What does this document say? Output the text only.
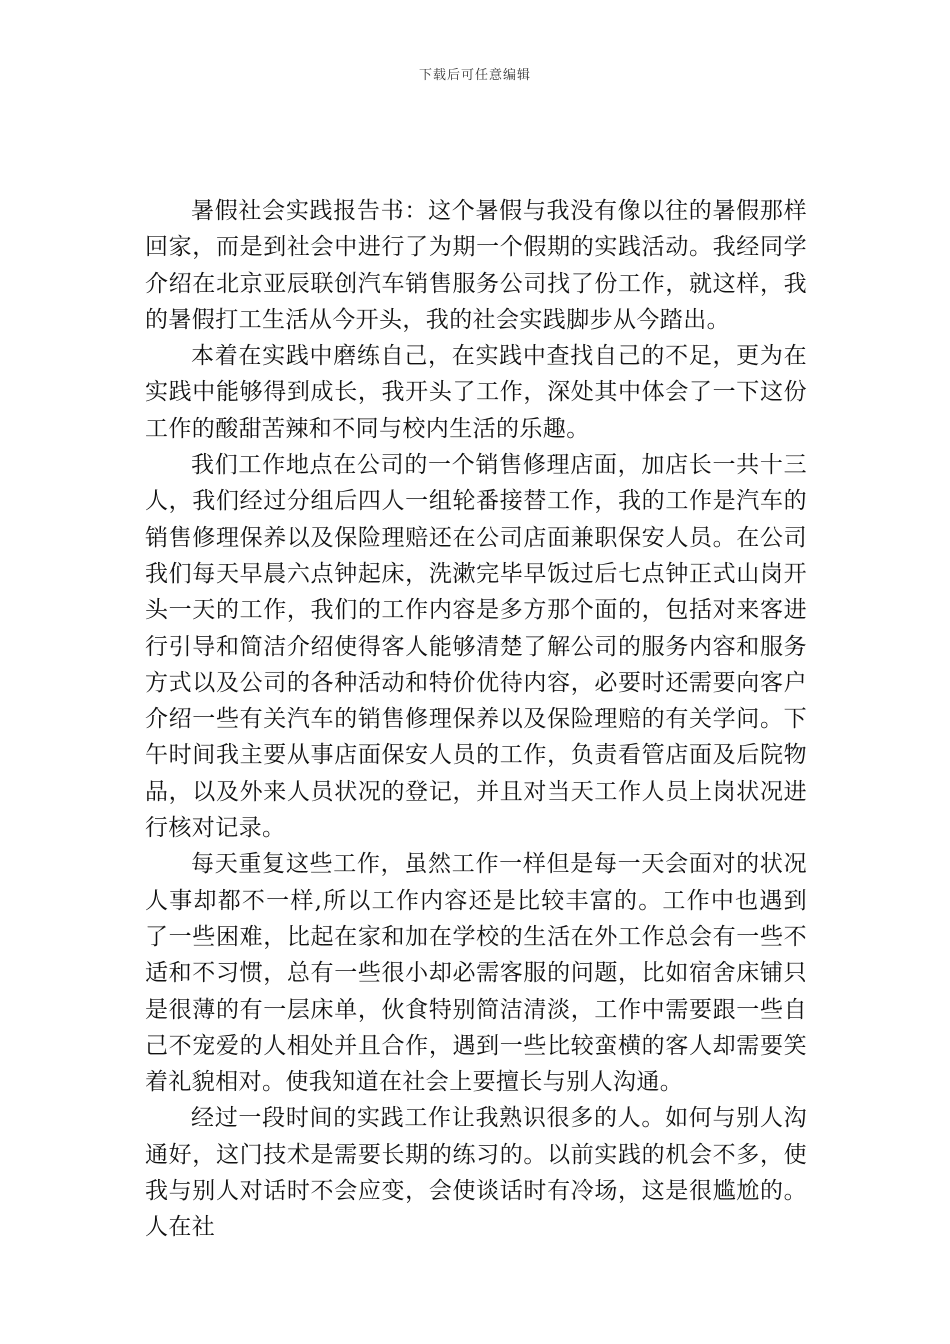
下载后可任意编辑

暑假社会实践报告书：这个暑假与我没有像以往的暑假那样回家，而是到社会中进行了为期一个假期的实践活动。我经同学介绍在北京亚辰联创汽车销售服务公司找了份工作，就这样，我的暑假打工生活从今开头，我的社会实践脚步从今踏出。

本着在实践中磨练自己，在实践中查找自己的不足，更为在实践中能够得到成长，我开头了工作，深处其中体会了一下这份工作的酸甜苦辣和不同与校内生活的乐趣。

我们工作地点在公司的一个销售修理店面，加店长一共十三人，我们经过分组后四人一组轮番接替工作，我的工作是汽车的销售修理保养以及保险理赔还在公司店面兼职保安人员。在公司我们每天早晨六点钟起床，洗漱完毕早饭过后七点钟正式山岗开头一天的工作，我们的工作内容是多方那个面的，包括对来客进行引导和简洁介绍使得客人能够清楚了解公司的服务内容和服务方式以及公司的各种活动和特价优待内容，必要时还需要向客户介绍一些有关汽车的销售修理保养以及保险理赔的有关学问。下午时间我主要从事店面保安人员的工作，负责看管店面及后院物品，以及外来人员状况的登记，并且对当天工作人员上岗状况进行核对记录。

每天重复这些工作，虽然工作一样但是每一天会面对的状况人事却都不一样,所以工作内容还是比较丰富的。工作中也遇到了一些困难，比起在家和加在学校的生活在外工作总会有一些不适和不习惯，总有一些很小却必需客服的问题，比如宿舍床铺只是很薄的有一层床单，伙食特别简洁清淡，工作中需要跟一些自己不宠爱的人相处并且合作，遇到一些比较蛮横的客人却需要笑着礼貌相对。使我知道在社会上要擅长与别人沟通。

经过一段时间的实践工作让我熟识很多的人。如何与别人沟通好，这门技术是需要长期的练习的。以前实践的机会不多，使我与别人对话时不会应变，会使谈话时有冷场，这是很尴尬的。人在社
